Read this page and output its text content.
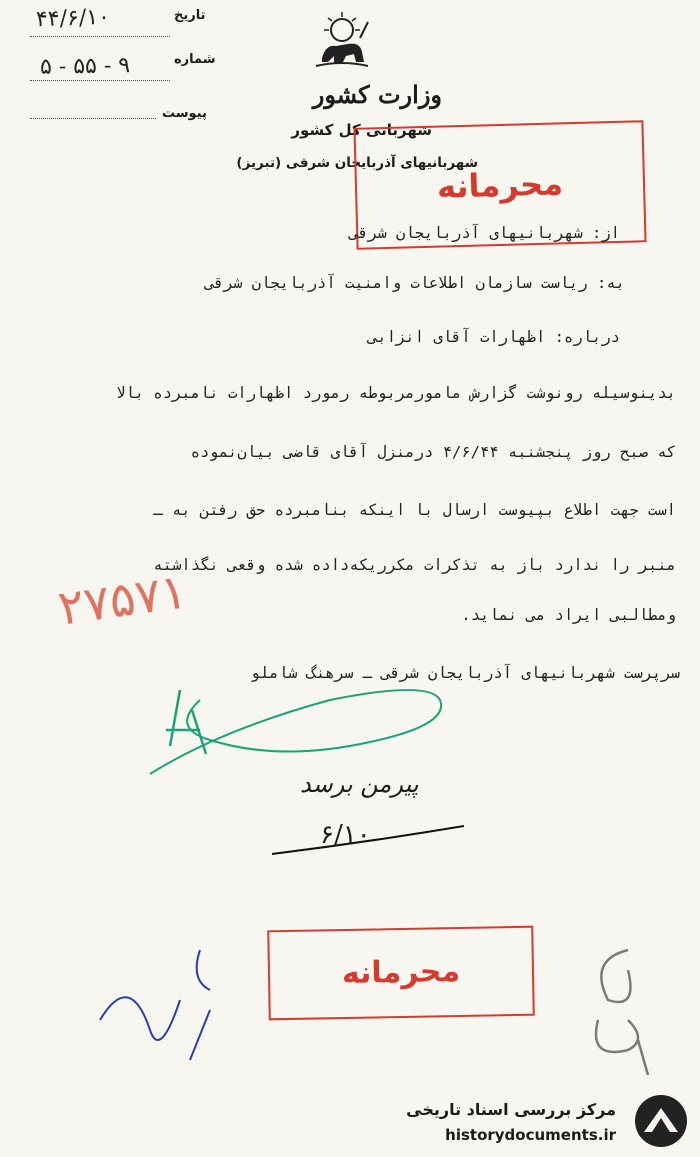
وزارت کشور
شهربانی کل کشور
شهربانیهای آذربایجان شرقی (تبریز)
تاریخ
شماره
پیوست
۴۴/۶/۱۰
۵ - ۵۵ - ۹
محرمانه
از: شهربانیهای آذربایجان شرقی
به: ریاست سازمان اطلاعات وامنیت آذربایجان شرقی
درباره: اظهارات آقای انزابی
بدینوسیله رونوشت گزارش مامورمربوطه رمورد اظهارات نامبرده بالا
که صبح روز پنجشنبه ۴/۶/۴۴ درمنزل آقای قاضی بیان‌نموده
است جهت اطلاع بپیوست ارسال با اینکه بنامبرده حق رفتن به ـ
منبر را ندارد باز به تذکرات مکرریکه‌داده شده وقعی نگذاشته
ومطالبی ایراد می نماید.
سرپرست شهربانیهای آذربایجان شرقی ـ سرهنگ شاملو
۲۷۵۷۱
پیرمن برسد
۶/۱۰
محرمانه
مرکز بررسی اسناد تاریخی
historydocuments.ir
